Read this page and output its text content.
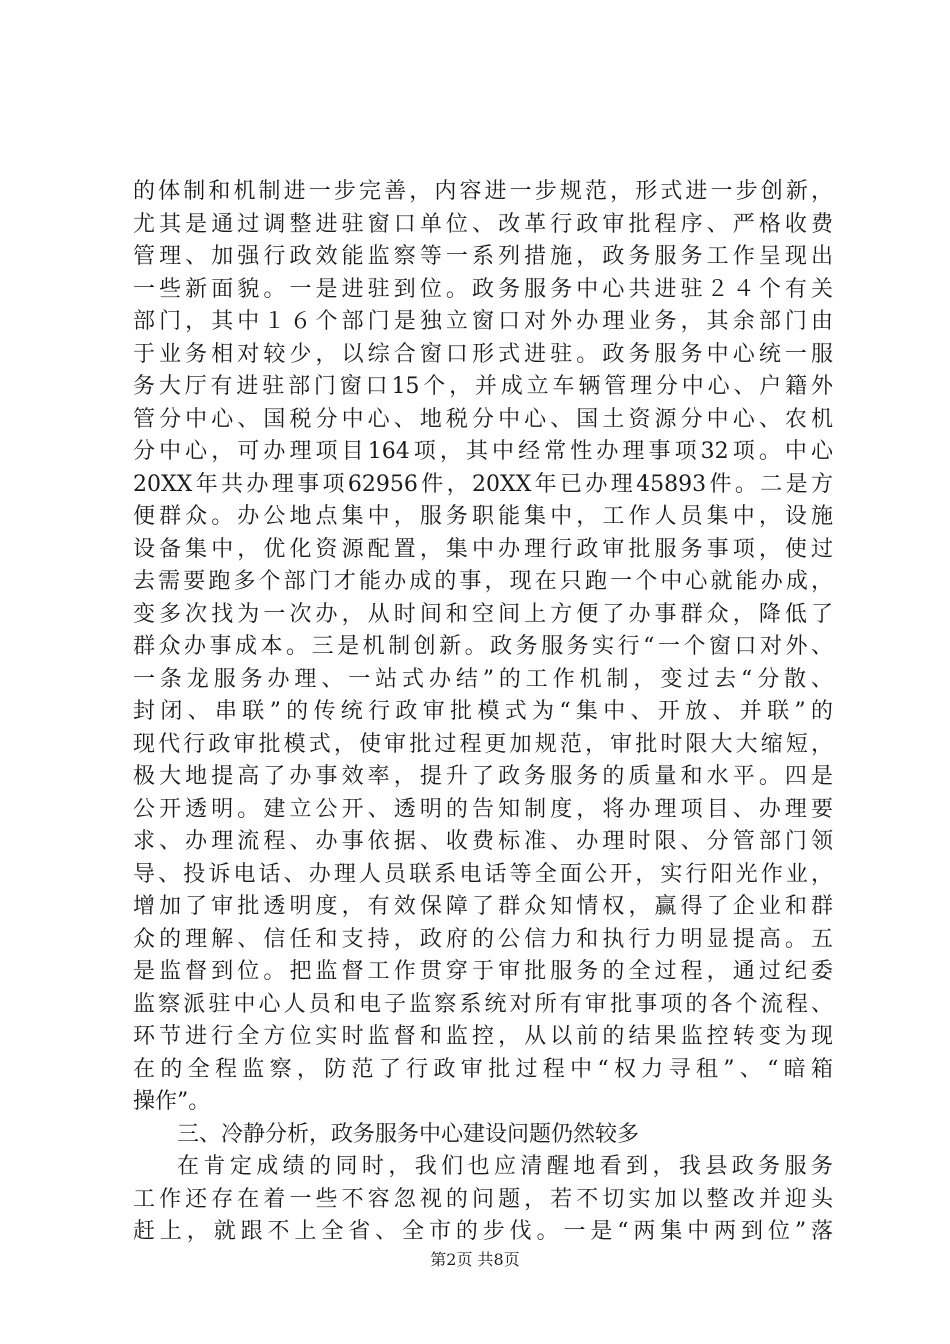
的体制和机制进一步完善，内容进一步规范，形式进一步创新，
尤其是通过调整进驻窗口单位、改革行政审批程序、严格收费
管理、加强行政效能监察等一系列措施，政务服务工作呈现出
一些新面貌。一是进驻到位。政务服务中心共进驻２４个有关
部门，其中１６个部门是独立窗口对外办理业务，其余部门由
于业务相对较少，以综合窗口形式进驻。政务服务中心统一服
务大厅有进驻部门窗口15个，并成立车辆管理分中心、户籍外
管分中心、国税分中心、地税分中心、国土资源分中心、农机
分中心，可办理项目164项，其中经常性办理事项32项。中心
20XX年共办理事项62956件，20XX年已办理45893件。二是方
便群众。办公地点集中，服务职能集中，工作人员集中，设施
设备集中，优化资源配置，集中办理行政审批服务事项，使过
去需要跑多个部门才能办成的事，现在只跑一个中心就能办成，
变多次找为一次办，从时间和空间上方便了办事群众，降低了
群众办事成本。三是机制创新。政务服务实行“一个窗口对外、
一条龙服务办理、一站式办结”的工作机制，变过去“分散、
封闭、串联”的传统行政审批模式为“集中、开放、并联”的
现代行政审批模式，使审批过程更加规范，审批时限大大缩短，
极大地提高了办事效率，提升了政务服务的质量和水平。四是
公开透明。建立公开、透明的告知制度，将办理项目、办理要
求、办理流程、办事依据、收费标准、办理时限、分管部门领
导、投诉电话、办理人员联系电话等全面公开，实行阳光作业，
增加了审批透明度，有效保障了群众知情权，赢得了企业和群
众的理解、信任和支持，政府的公信力和执行力明显提高。五
是监督到位。把监督工作贯穿于审批服务的全过程，通过纪委
监察派驻中心人员和电子监察系统对所有审批事项的各个流程、
环节进行全方位实时监督和监控，从以前的结果监控转变为现
在的全程监察，防范了行政审批过程中“权力寻租”、“暗箱
操作”。
三、冷静分析，政务服务中心建设问题仍然较多
在肯定成绩的同时，我们也应清醒地看到，我县政务服务
工作还存在着一些不容忽视的问题，若不切实加以整改并迎头
赶上，就跟不上全省、全市的步伐。一是“两集中两到位”落
第2页 共8页
